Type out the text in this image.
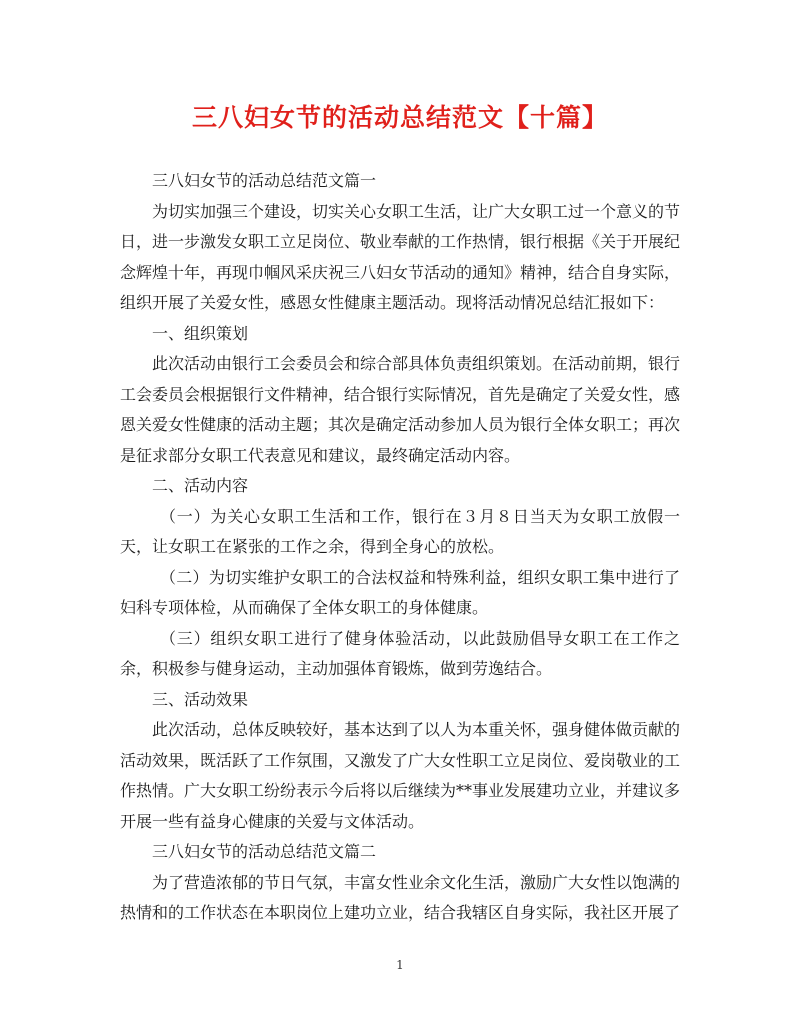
三八妇女节的活动总结范文【十篇】

三八妇女节的活动总结范文篇一

为切实加强三个建设，切实关心女职工生活，让广大女职工过一个意义的节日，进一步激发女职工立足岗位、敬业奉献的工作热情，银行根据《关于开展纪念辉煌十年，再现巾帼风采庆祝三八妇女节活动的通知》精神，结合自身实际，组织开展了关爱女性，感恩女性健康主题活动。现将活动情况总结汇报如下：

一、组织策划

此次活动由银行工会委员会和综合部具体负责组织策划。在活动前期，银行工会委员会根据银行文件精神，结合银行实际情况，首先是确定了关爱女性，感恩关爱女性健康的活动主题；其次是确定活动参加人员为银行全体女职工；再次是征求部分女职工代表意见和建议，最终确定活动内容。

二、活动内容

（一）为关心女职工生活和工作，银行在３月８日当天为女职工放假一天，让女职工在紧张的工作之余，得到全身心的放松。

（二）为切实维护女职工的合法权益和特殊利益，组织女职工集中进行了妇科专项体检，从而确保了全体女职工的身体健康。

（三）组织女职工进行了健身体验活动，以此鼓励倡导女职工在工作之余，积极参与健身运动，主动加强体育锻炼，做到劳逸结合。

三、活动效果

此次活动，总体反映较好，基本达到了以人为本重关怀，强身健体做贡献的活动效果，既活跃了工作氛围，又激发了广大女性职工立足岗位、爱岗敬业的工作热情。广大女职工纷纷表示今后将以后继续为**事业发展建功立业，并建议多开展一些有益身心健康的关爱与文体活动。

三八妇女节的活动总结范文篇二

为了营造浓郁的节日气氛，丰富女性业余文化生活，激励广大女性以饱满的热情和的工作状态在本职岗位上建功立业，结合我辖区自身实际，我社区开展了

1
